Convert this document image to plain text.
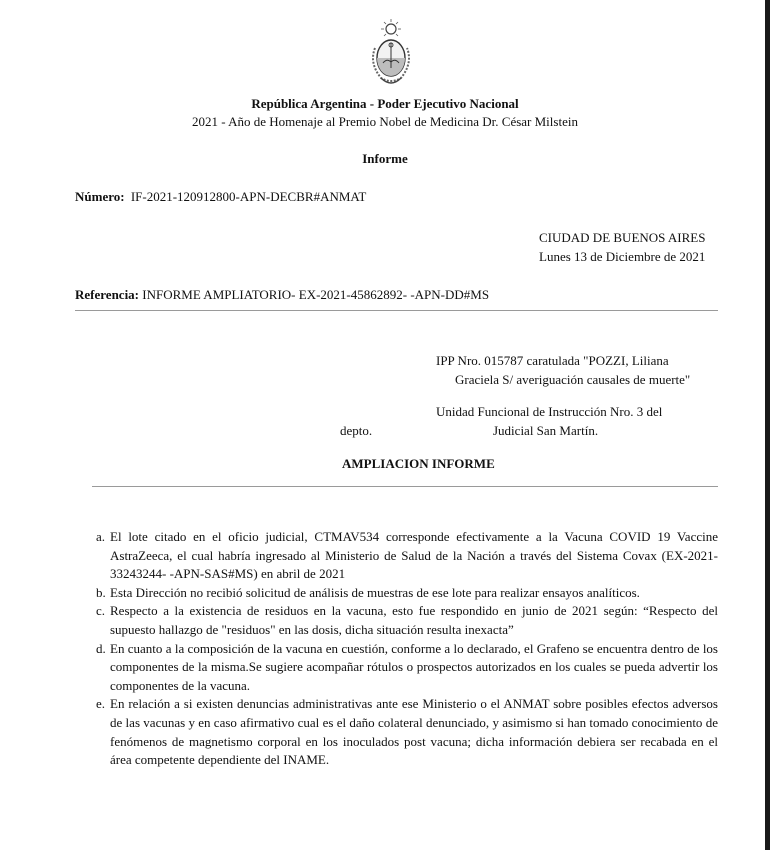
República Argentina - Poder Ejecutivo Nacional
2021 - Año de Homenaje al Premio Nobel de Medicina Dr. César Milstein
Informe
Número: IF-2021-120912800-APN-DECBR#ANMAT
CIUDAD DE BUENOS AIRES
Lunes 13 de Diciembre de 2021
Referencia: INFORME AMPLIATORIO- EX-2021-45862892- -APN-DD#MS
IPP Nro. 015787 caratulada "POZZI, Liliana
Graciela S/ averiguación causales de muerte"
Unidad Funcional de Instrucción Nro. 3 del
depto.	Judicial San Martín.
AMPLIACION INFORME
a. El lote citado en el oficio judicial, CTMAV534 corresponde efectivamente a la Vacuna COVID 19 Vaccine AstraZeeca, el cual habría ingresado al Ministerio de Salud de la Nación a través del Sistema Covax (EX-2021-33243244- -APN-SAS#MS) en abril de 2021
b. Esta Dirección no recibió solicitud de análisis de muestras de ese lote para realizar ensayos analíticos.
c. Respecto a la existencia de residuos en la vacuna, esto fue respondido en junio de 2021 según: “Respecto del supuesto hallazgo de "residuos" en las dosis, dicha situación resulta inexacta”
d. En cuanto a la composición de la vacuna en cuestión, conforme a lo declarado, el Grafeno se encuentra dentro de los componentes de la misma.Se sugiere acompañar rótulos o prospectos autorizados en los cuales se pueda advertir los componentes de la vacuna.
e. En relación a si existen denuncias administrativas ante ese Ministerio o el ANMAT sobre posibles efectos adversos de las vacunas y en caso afirmativo cual es el daño colateral denunciado, y asimismo si han tomado conocimiento de fenómenos de magnetismo corporal en los inoculados post vacuna; dicha información debiera ser recabada en el área competente dependiente del INAME.
